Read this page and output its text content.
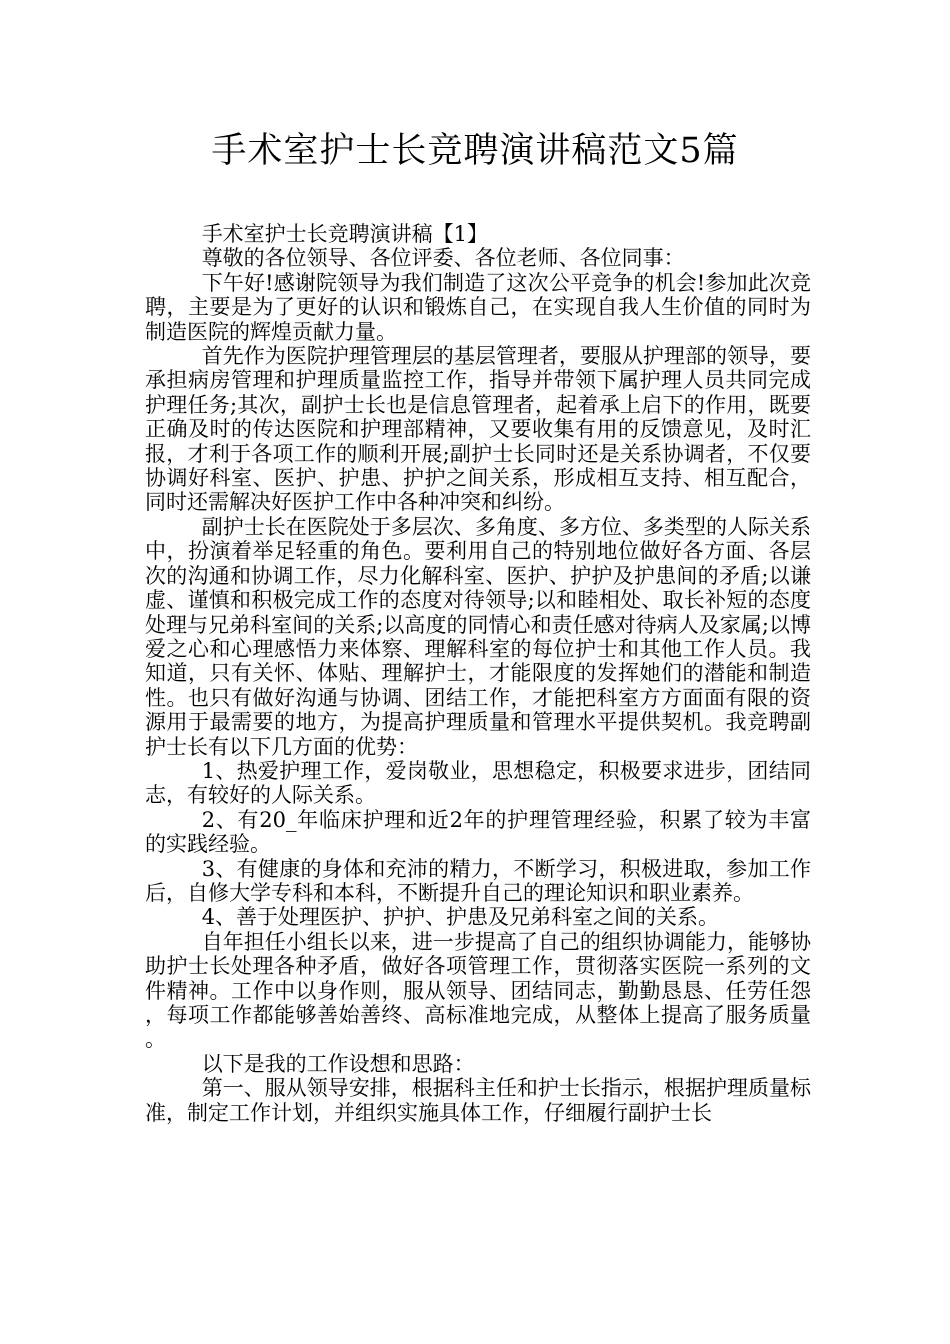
手术室护士长竞聘演讲稿范文5篇

手术室护士长竞聘演讲稿【1】

尊敬的各位领导、各位评委、各位老师、各位同事：

下午好!感谢院领导为我们制造了这次公平竞争的机会!参加此次竞聘，主要是为了更好的认识和锻炼自己，在实现自我人生价值的同时为制造医院的辉煌贡献力量。

首先作为医院护理管理层的基层管理者，要服从护理部的领导，要承担病房管理和护理质量监控工作，指导并带领下属护理人员共同完成护理任务;其次，副护士长也是信息管理者，起着承上启下的作用，既要正确及时的传达医院和护理部精神，又要收集有用的反馈意见，及时汇报，才利于各项工作的顺利开展;副护士长同时还是关系协调者，不仅要协调好科室、医护、护患、护护之间关系，形成相互支持、相互配合，同时还需解决好医护工作中各种冲突和纠纷。

副护士长在医院处于多层次、多角度、多方位、多类型的人际关系中，扮演着举足轻重的角色。要利用自己的特别地位做好各方面、各层次的沟通和协调工作，尽力化解科室、医护、护护及护患间的矛盾;以谦虚、谨慎和积极完成工作的态度对待领导;以和睦相处、取长补短的态度处理与兄弟科室间的关系;以高度的同情心和责任感对待病人及家属;以博爱之心和心理感悟力来体察、理解科室的每位护士和其他工作人员。我知道，只有关怀、体贴、理解护士，才能限度的发挥她们的潜能和制造性。也只有做好沟通与协调、团结工作，才能把科室方方面面有限的资源用于最需要的地方，为提高护理质量和管理水平提供契机。我竞聘副护士长有以下几方面的优势：

1、热爱护理工作，爱岗敬业，思想稳定，积极要求进步，团结同志，有较好的人际关系。

2、有20_年临床护理和近2年的护理管理经验，积累了较为丰富的实践经验。

3、有健康的身体和充沛的精力，不断学习，积极进取，参加工作后，自修大学专科和本科，不断提升自己的理论知识和职业素养。

4、善于处理医护、护护、护患及兄弟科室之间的关系。

自年担任小组长以来，进一步提高了自己的组织协调能力，能够协助护士长处理各种矛盾，做好各项管理工作，贯彻落实医院一系列的文件精神。工作中以身作则，服从领导、团结同志，勤勤恳恳、任劳任怨，每项工作都能够善始善终、高标准地完成，从整体上提高了服务质量。

以下是我的工作设想和思路：

第一、服从领导安排，根据科主任和护士长指示，根据护理质量标准，制定工作计划，并组织实施具体工作，仔细履行副护士长
